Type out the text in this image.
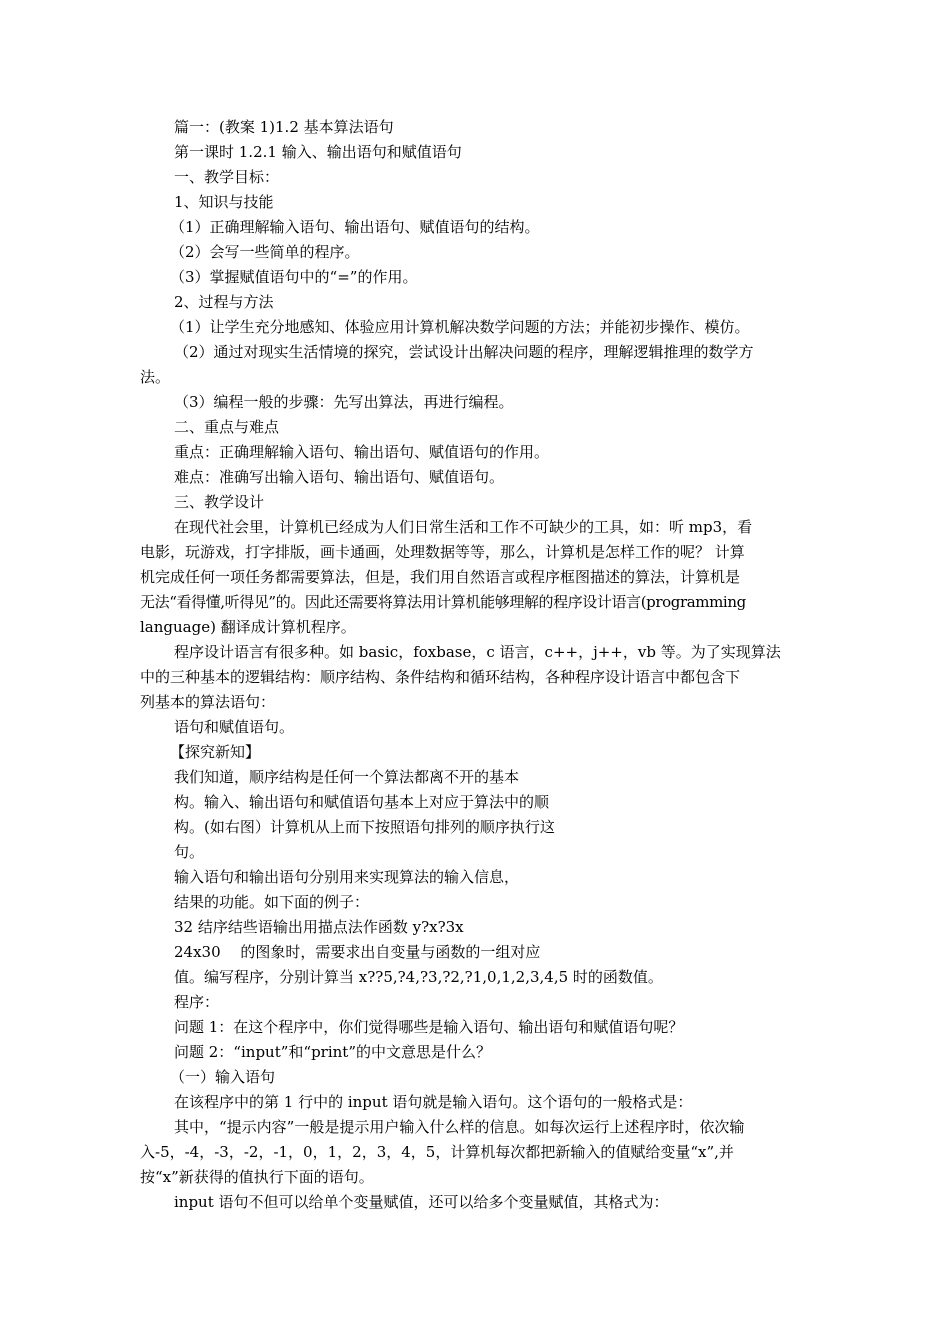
篇一：(教案 1)1.2 基本算法语句
第一课时 1.2.1 输入、输出语句和赋值语句
一、教学目标：
1、知识与技能
（1）正确理解输入语句、输出语句、赋值语句的结构。
（2）会写一些简单的程序。
（3）掌握赋值语句中的“=”的作用。
2、过程与方法
（1）让学生充分地感知、体验应用计算机解决数学问题的方法；并能初步操作、模仿。
（2）通过对现实生活情境的探究，尝试设计出解决问题的程序，理解逻辑推理的数学方
法。
（3）编程一般的步骤：先写出算法，再进行编程。
二、重点与难点
重点：正确理解输入语句、输出语句、赋值语句的作用。
难点：准确写出输入语句、输出语句、赋值语句。
三、教学设计
在现代社会里，计算机已经成为人们日常生活和工作不可缺少的工具，如：听 mp3，看
电影，玩游戏，打字排版，画卡通画，处理数据等等，那么，计算机是怎样工作的呢？ 计算
机完成任何一项任务都需要算法，但是，我们用自然语言或程序框图描述的算法，计算机是
无法“看得懂,听得见”的。因此还需要将算法用计算机能够理解的程序设计语言(programming
language) 翻译成计算机程序。
程序设计语言有很多种。如 basic，foxbase，c 语言，c++，j++，vb 等。为了实现算法
中的三种基本的逻辑结构：顺序结构、条件结构和循环结构，各种程序设计语言中都包含下
列基本的算法语句：
语句和赋值语句。
【探究新知】
我们知道，顺序结构是任何一个算法都离不开的基本
构。输入、输出语句和赋值语句基本上对应于算法中的顺
构。(如右图）计算机从上而下按照语句排列的顺序执行这
句。
输入语句和输出语句分别用来实现算法的输入信息，
结果的功能。如下面的例子：
32 结序结些语输出用描点法作函数 y?x?3x
24x30　 的图象时，需要求出自变量与函数的一组对应
值。编写程序，分别计算当 x??5,?4,?3,?2,?1,0,1,2,3,4,5 时的函数值。
程序：
问题 1：在这个程序中，你们觉得哪些是输入语句、输出语句和赋值语句呢？
问题 2：“input”和“print”的中文意思是什么？
（一）输入语句
在该程序中的第 1 行中的 input 语句就是输入语句。这个语句的一般格式是：
其中，“提示内容”一般是提示用户输入什么样的信息。如每次运行上述程序时，依次输
入-5，-4，-3，-2，-1，0，1，2，3，4，5，计算机每次都把新输入的值赋给变量“x”,并
按“x”新获得的值执行下面的语句。
input 语句不但可以给单个变量赋值，还可以给多个变量赋值，其格式为：
